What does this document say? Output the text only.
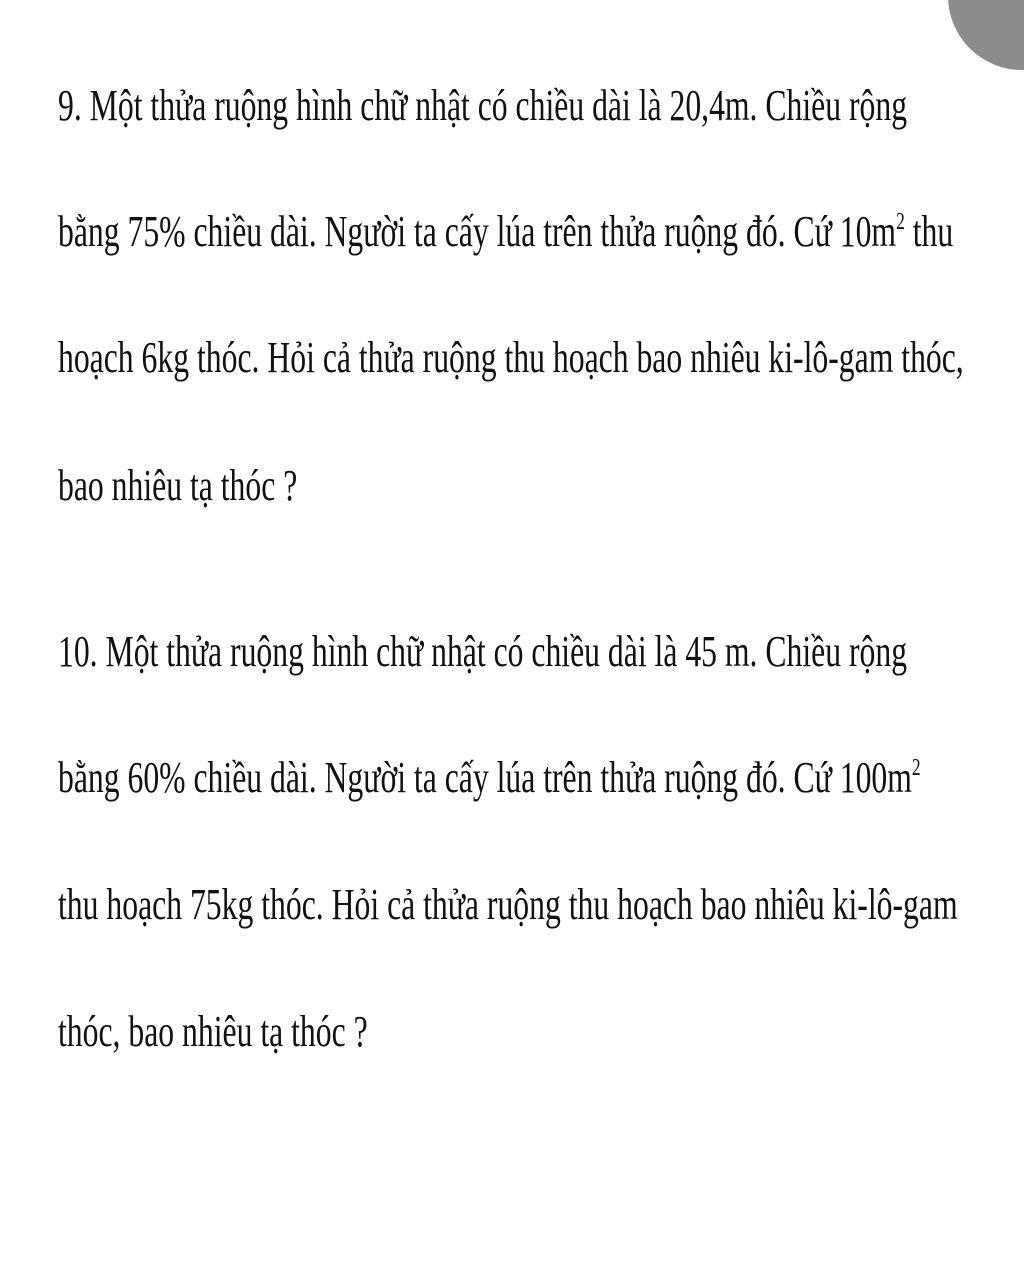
9. Một thửa ruộng hình chữ nhật có chiều dài là 20,4m. Chiều rộng

bằng 75% chiều dài. Người ta cấy lúa trên thửa ruộng đó. Cứ $10m^2$ thu

hoạch 6kg thóc. Hỏi cả thửa ruộng thu hoạch bao nhiêu ki-lô-gam thóc,

bao nhiêu tạ thóc ?

10. Một thửa ruộng hình chữ nhật có chiều dài là 45 m. Chiều rộng

bằng 60% chiều dài. Người ta cấy lúa trên thửa ruộng đó. Cứ $100m^2$

thu hoạch 75kg thóc. Hỏi cả thửa ruộng thu hoạch bao nhiêu ki-lô-gam

thóc, bao nhiêu tạ thóc ?
